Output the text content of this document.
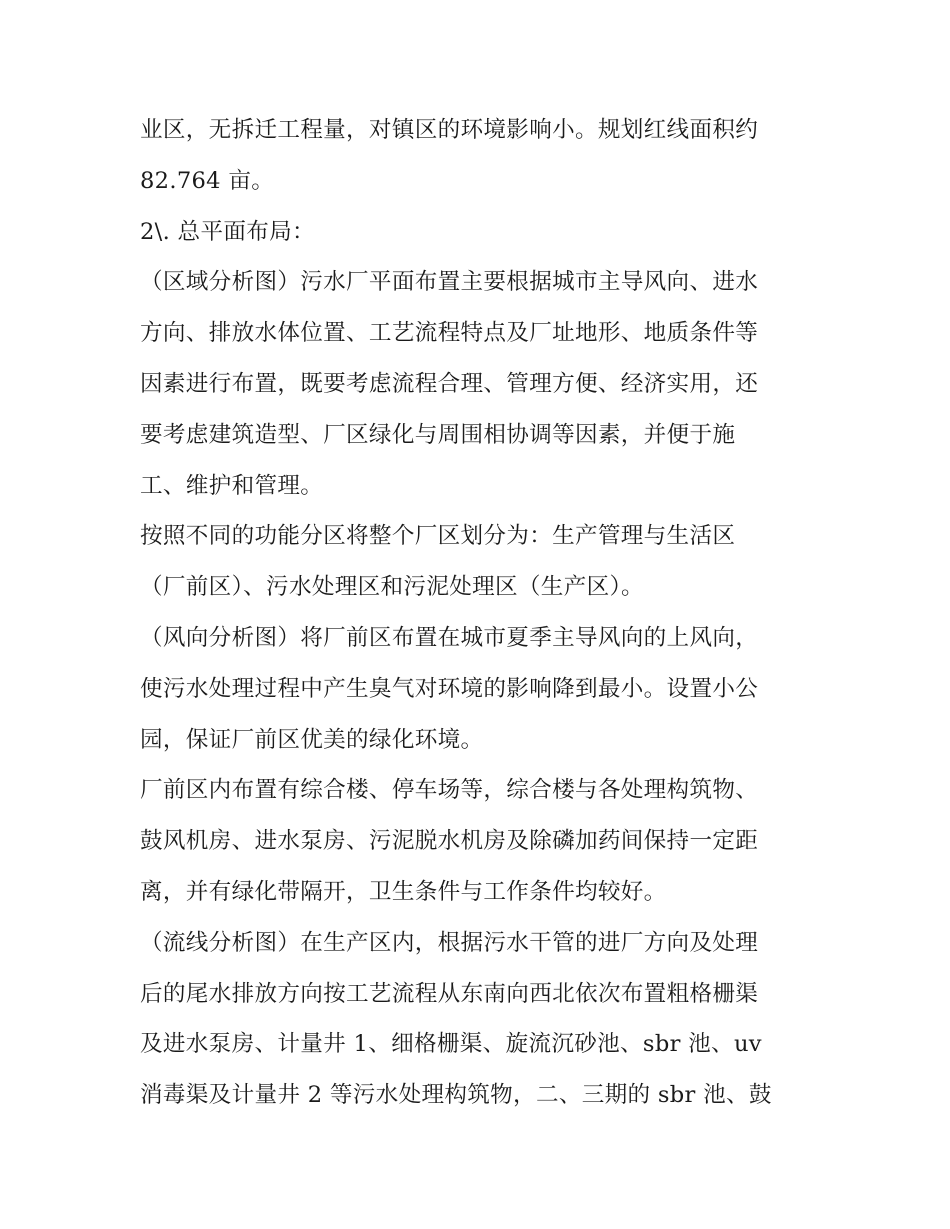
业区，无拆迁工程量，对镇区的环境影响小。规划红线面积约
82.764 亩。
2\. 总平面布局：
（区域分析图）污水厂平面布置主要根据城市主导风向、进水
方向、排放水体位置、工艺流程特点及厂址地形、地质条件等
因素进行布置，既要考虑流程合理、管理方便、经济实用，还
要考虑建筑造型、厂区绿化与周围相协调等因素，并便于施
工、维护和管理。
按照不同的功能分区将整个厂区划分为：生产管理与生活区
（厂前区）、污水处理区和污泥处理区（生产区）。
（风向分析图）将厂前区布置在城市夏季主导风向的上风向，
使污水处理过程中产生臭气对环境的影响降到最小。设置小公
园，保证厂前区优美的绿化环境。
厂前区内布置有综合楼、停车场等，综合楼与各处理构筑物、
鼓风机房、进水泵房、污泥脱水机房及除磷加药间保持一定距
离，并有绿化带隔开，卫生条件与工作条件均较好。
（流线分析图）在生产区内，根据污水干管的进厂方向及处理
后的尾水排放方向按工艺流程从东南向西北依次布置粗格栅渠
及进水泵房、计量井 1、细格栅渠、旋流沉砂池、sbr 池、uv
消毒渠及计量井 2 等污水处理构筑物，二、三期的 sbr 池、鼓
